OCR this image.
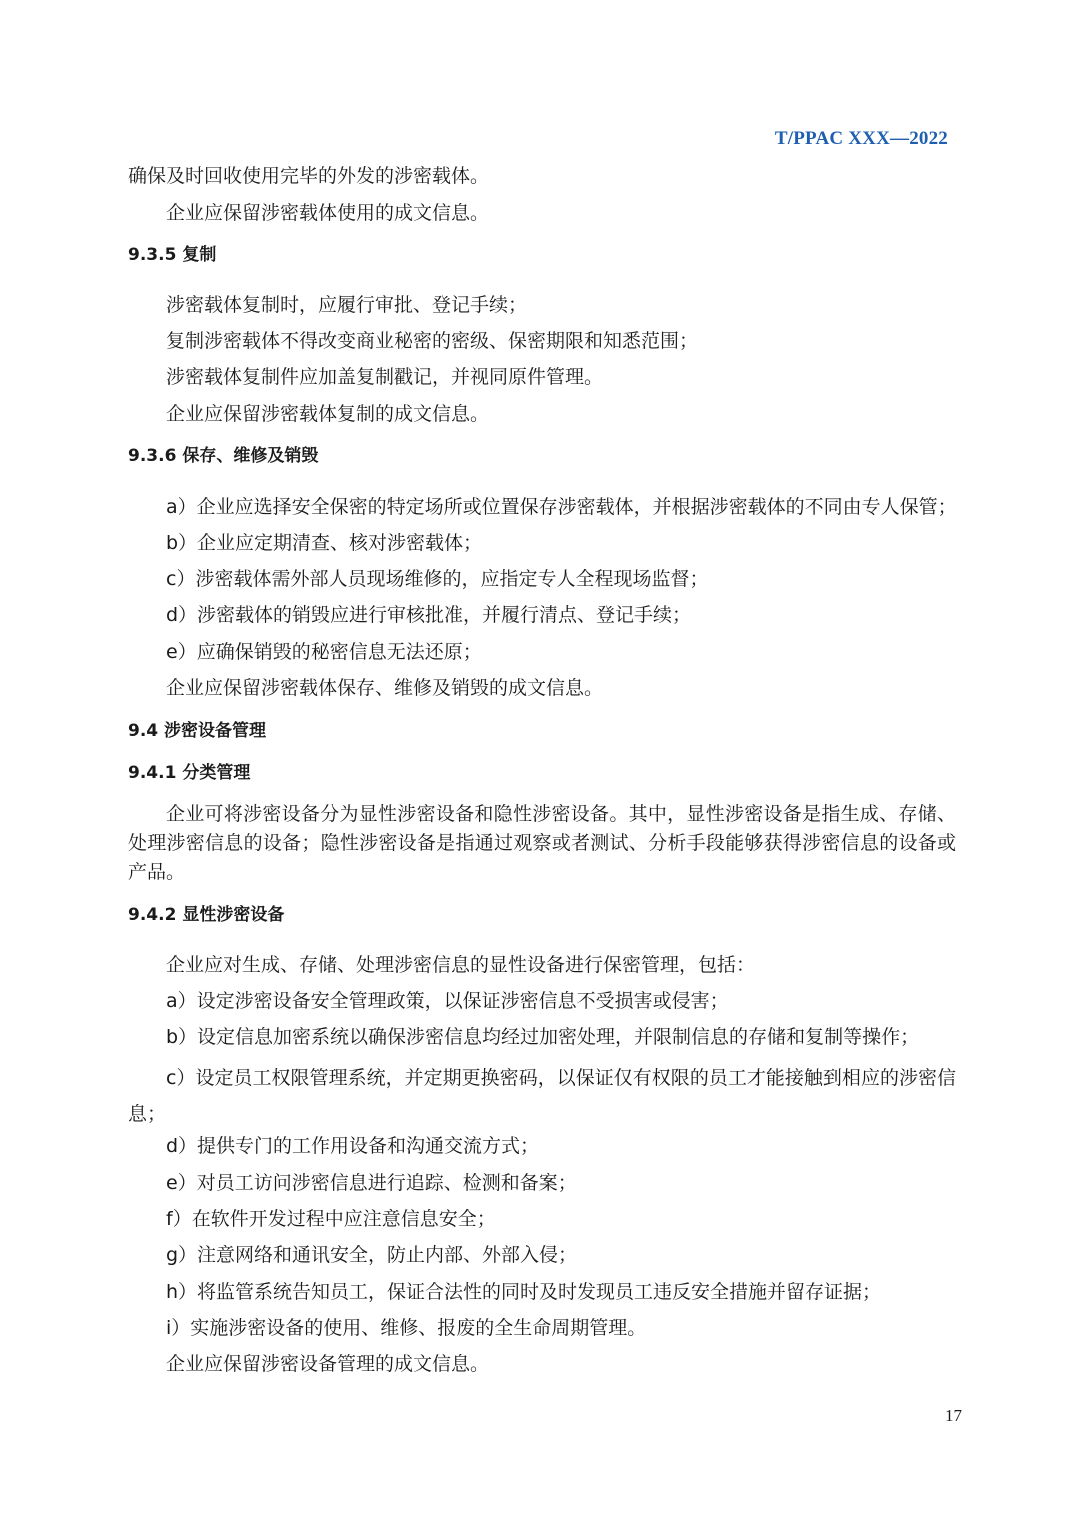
T/PPAC XXX—2022
确保及时回收使用完毕的外发的涉密载体。
企业应保留涉密载体使用的成文信息。
9.3.5 复制
涉密载体复制时，应履行审批、登记手续；
复制涉密载体不得改变商业秘密的密级、保密期限和知悉范围；
涉密载体复制件应加盖复制戳记，并视同原件管理。
企业应保留涉密载体复制的成文信息。
9.3.6 保存、维修及销毁
a）企业应选择安全保密的特定场所或位置保存涉密载体，并根据涉密载体的不同由专人保管；
b）企业应定期清查、核对涉密载体；
c）涉密载体需外部人员现场维修的，应指定专人全程现场监督；
d）涉密载体的销毁应进行审核批准，并履行清点、登记手续；
e）应确保销毁的秘密信息无法还原；
企业应保留涉密载体保存、维修及销毁的成文信息。
9.4 涉密设备管理
9.4.1 分类管理
企业可将涉密设备分为显性涉密设备和隐性涉密设备。其中，显性涉密设备是指生成、存储、处理涉密信息的设备；隐性涉密设备是指通过观察或者测试、分析手段能够获得涉密信息的设备或产品。
9.4.2 显性涉密设备
企业应对生成、存储、处理涉密信息的显性设备进行保密管理，包括：
a）设定涉密设备安全管理政策，以保证涉密信息不受损害或侵害；
b）设定信息加密系统以确保涉密信息均经过加密处理，并限制信息的存储和复制等操作；
c）设定员工权限管理系统，并定期更换密码，以保证仅有权限的员工才能接触到相应的涉密信息；
d）提供专门的工作用设备和沟通交流方式；
e）对员工访问涉密信息进行追踪、检测和备案；
f）在软件开发过程中应注意信息安全；
g）注意网络和通讯安全，防止内部、外部入侵；
h）将监管系统告知员工，保证合法性的同时及时发现员工违反安全措施并留存证据；
i）实施涉密设备的使用、维修、报废的全生命周期管理。
企业应保留涉密设备管理的成文信息。
17
